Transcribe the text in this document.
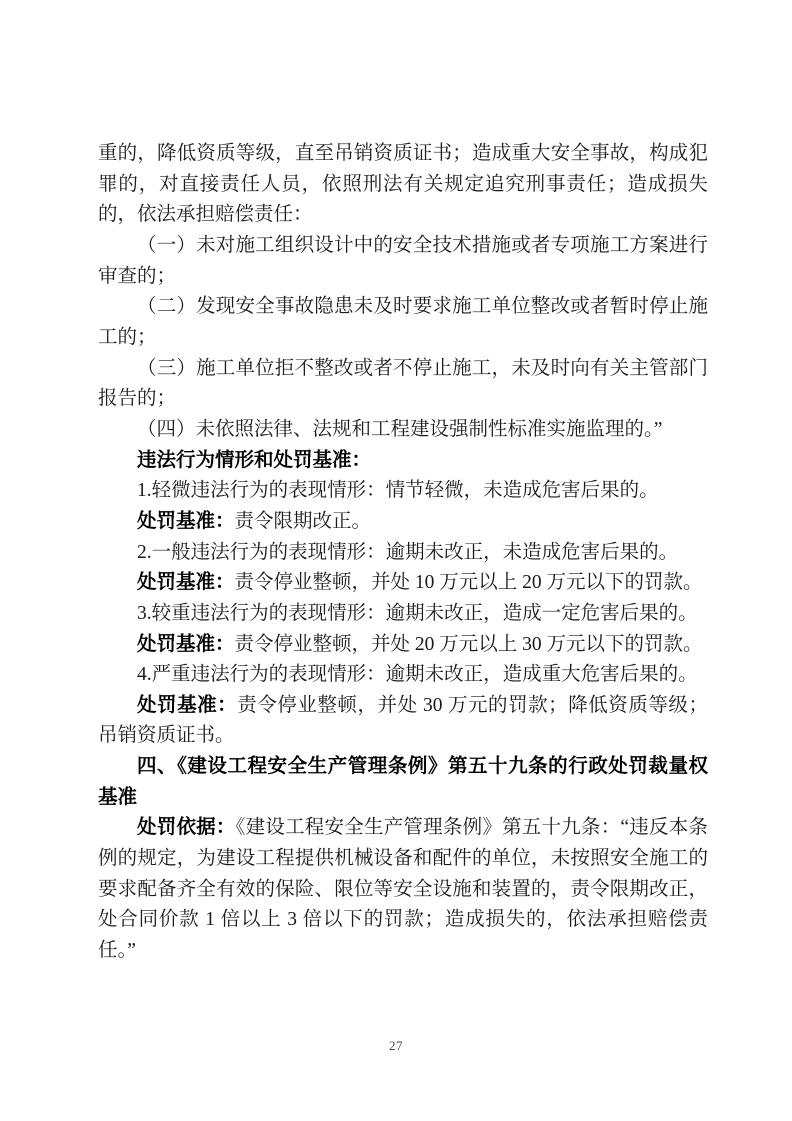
重的，降低资质等级，直至吊销资质证书；造成重大安全事故，构成犯罪的，对直接责任人员，依照刑法有关规定追究刑事责任；造成损失的，依法承担赔偿责任：

（一）未对施工组织设计中的安全技术措施或者专项施工方案进行审查的；

（二）发现安全事故隐患未及时要求施工单位整改或者暂时停止施工的；

（三）施工单位拒不整改或者不停止施工，未及时向有关主管部门报告的；

（四）未依照法律、法规和工程建设强制性标准实施监理的。”

违法行为情形和处罚基准：

1.轻微违法行为的表现情形：情节轻微，未造成危害后果的。

处罚基准：责令限期改正。

2.一般违法行为的表现情形：逾期未改正，未造成危害后果的。

处罚基准：责令停业整顿，并处 10 万元以上 20 万元以下的罚款。

3.较重违法行为的表现情形：逾期未改正，造成一定危害后果的。

处罚基准：责令停业整顿，并处 20 万元以上 30 万元以下的罚款。

4.严重违法行为的表现情形：逾期未改正，造成重大危害后果的。

处罚基准：责令停业整顿，并处 30 万元的罚款；降低资质等级；吊销资质证书。

四、《建设工程安全生产管理条例》第五十九条的行政处罚裁量权基准

处罚依据：《建设工程安全生产管理条例》第五十九条：“违反本条例的规定，为建设工程提供机械设备和配件的单位，未按照安全施工的要求配备齐全有效的保险、限位等安全设施和装置的，责令限期改正，处合同价款 1 倍以上 3 倍以下的罚款；造成损失的，依法承担赔偿责任。”

27
